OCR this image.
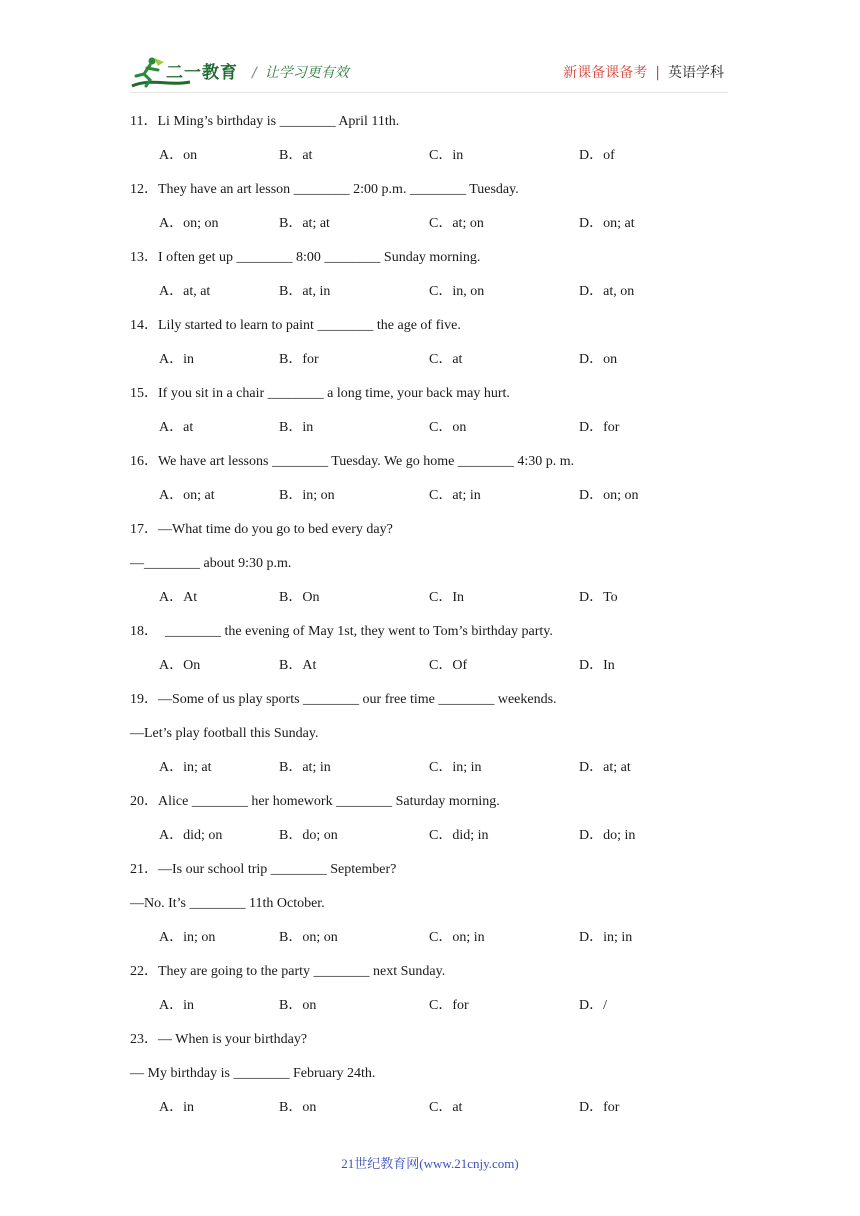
二一教育 / 让学习更有效	新课备课备考 | 英语学科
11．Li Ming’s birthday is ________ April 11th.
A．on	B．at	C．in	D．of
12．They have an art lesson ________ 2:00 p.m. ________ Tuesday.
A．on; on	B．at; at	C．at; on	D．on; at
13．I often get up ________ 8:00 ________ Sunday morning.
A．at, at	B．at, in	C．in, on	D．at, on
14．Lily started to learn to paint ________ the age of five.
A．in	B．for	C．at	D．on
15．If you sit in a chair ________ a long time, your back may hurt.
A．at	B．in	C．on	D．for
16．We have art lessons ________ Tuesday. We go home ________ 4:30 p. m.
A．on; at	B．in; on	C．at; in	D．on; on
17．—What time do you go to bed every day?
—________ about 9:30 p.m.
A．At	B．On	C．In	D．To
18．  ________ the evening of May 1st, they went to Tom’s birthday party.
A．On	B．At	C．Of	D．In
19．—Some of us play sports ________ our free time ________ weekends.
—Let’s play football this Sunday.
A．in; at	B．at; in	C．in; in	D．at; at
20．Alice ________ her homework ________ Saturday morning.
A．did; on	B．do; on	C．did; in	D．do; in
21．—Is our school trip ________ September?
—No. It’s ________ 11th October.
A．in; on	B．on; on	C．on; in	D．in; in
22．They are going to the party ________ next Sunday.
A．in	B．on	C．for	D．/
23．— When is your birthday?
— My birthday is ________ February 24th.
A．in	B．on	C．at	D．for
21世纪教育网(www.21cnjy.com)
